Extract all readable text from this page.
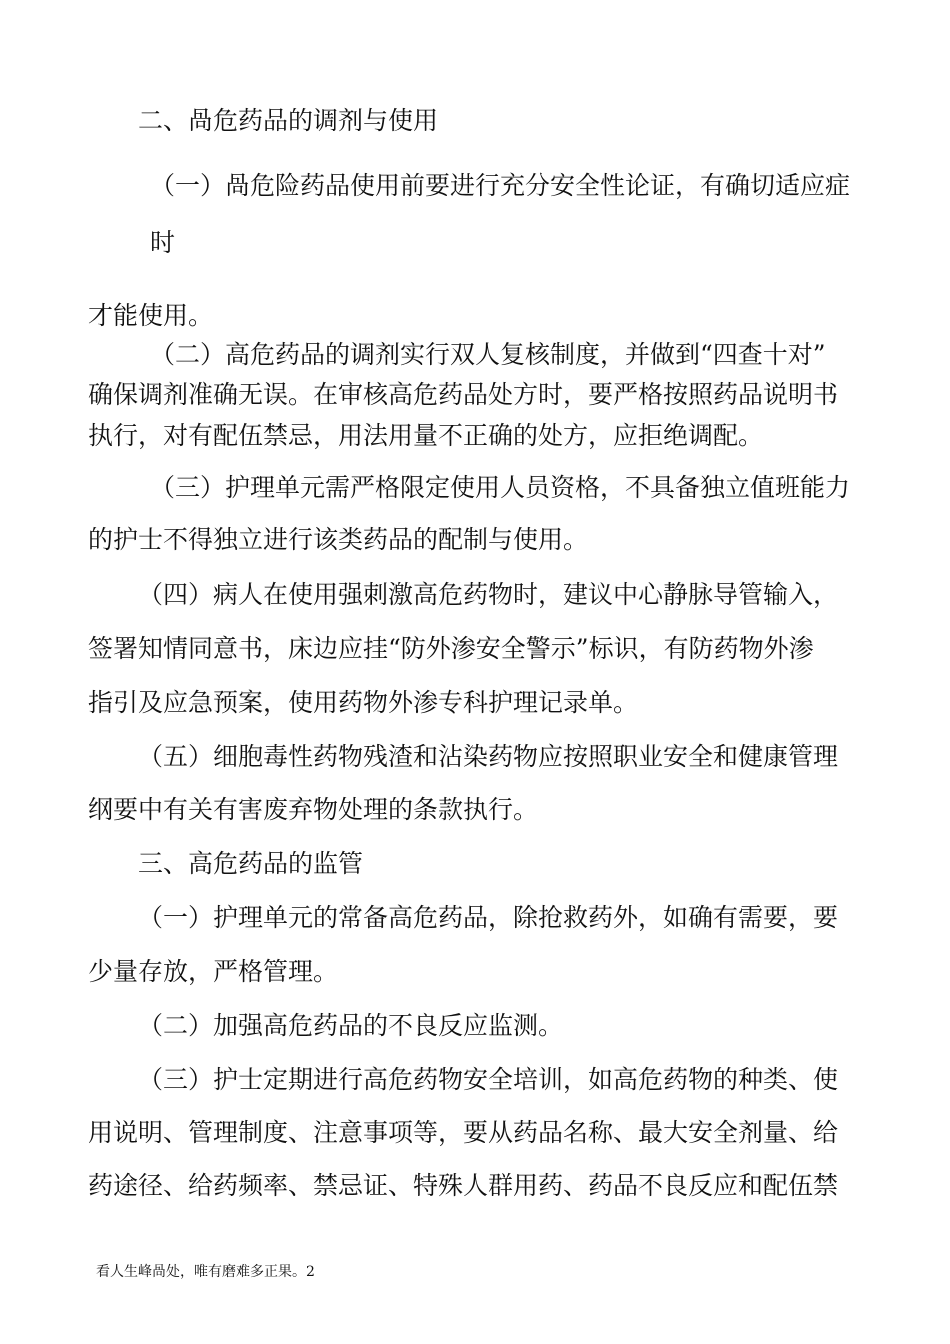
二、咼危药品的调剂与使用

（一）咼危险药品使用前要进行充分安全性论证，有确切适应症

时

才能使用。

（二）高危药品的调剂实行双人复核制度，并做到“四查十对”

确保调剂准确无误。在审核高危药品处方时，要严格按照药品说明书

执行，对有配伍禁忌，用法用量不正确的处方，应拒绝调配。

（三）护理单元需严格限定使用人员资格，不具备独立值班能力

的护士不得独立进行该类药品的配制与使用。

（四）病人在使用强刺激高危药物时，建议中心静脉导管输入，

签署知情同意书，床边应挂“防外渗安全警示”标识，有防药物外渗

指引及应急预案，使用药物外渗专科护理记录单。

（五）细胞毒性药物残渣和沾染药物应按照职业安全和健康管理

纲要中有关有害废弃物处理的条款执行。

三、高危药品的监管

（一）护理单元的常备高危药品，除抢救药外，如确有需要，要

少量存放，严格管理。

（二）加强高危药品的不良反应监测。

（三）护士定期进行高危药物安全培训，如高危药物的种类、使

用说明、管理制度、注意事项等，要从药品名称、最大安全剂量、给

药途径、给药频率、禁忌证、特殊人群用药、药品不良反应和配伍禁

看人生峰咼处，唯有磨难多正果。2
